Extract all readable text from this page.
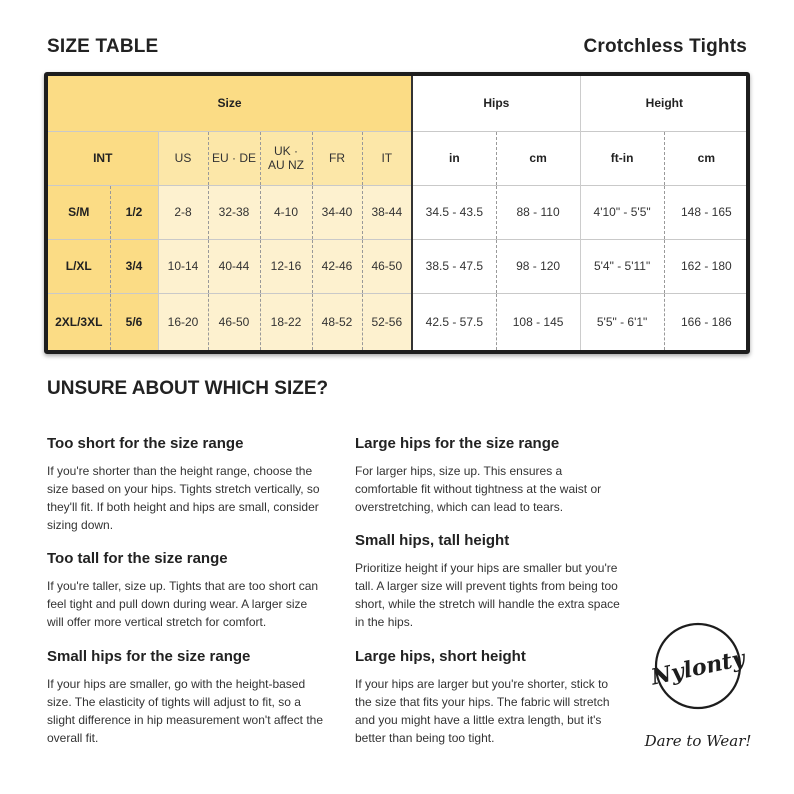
SIZE TABLE	Crotchless Tights
Size							Hips		Height	
INT		US	EU · DE	UK · AU NZ	FR	IT	in	cm	ft-in	cm
S/M	1/2	2-8	32-38	4-10	34-40	38-44	34.5 - 43.5	88 - 110	4'10" - 5'5"	148 - 165
L/XL	3/4	10-14	40-44	12-16	42-46	46-50	38.5 - 47.5	98 - 120	5'4" - 5'11"	162 - 180
2XL/3XL	5/6	16-20	46-50	18-22	48-52	52-56	42.5 - 57.5	108 - 145	5'5" - 6'1"	166 - 186
UNSURE ABOUT WHICH SIZE?
Too short for the size range

If you're shorter than the height range, choose the size based on your hips. Tights stretch vertically, so they'll fit. If both height and hips are small, consider sizing down.

Too tall for the size range

If you're taller, size up. Tights that are too short can feel tight and pull down during wear. A larger size will offer more vertical stretch for comfort.

Small hips for the size range

If your hips are smaller, go with the height-based size. The elasticity of tights will adjust to fit, so a slight difference in hip measurement won't affect the overall fit.

Large hips for the size range

For larger hips, size up. This ensures a comfortable fit without tightness at the waist or overstretching, which can lead to tears.

Small hips, tall height

Prioritize height if your hips are smaller but you're tall. A larger size will prevent tights from being too short, while the stretch will handle the extra space in the hips.

Large hips, short height

If your hips are larger but you're shorter, stick to the size that fits your hips. The fabric will stretch and you might have a little extra length, but it's better than being too tight.

Nylonty
Dare to Wear!
